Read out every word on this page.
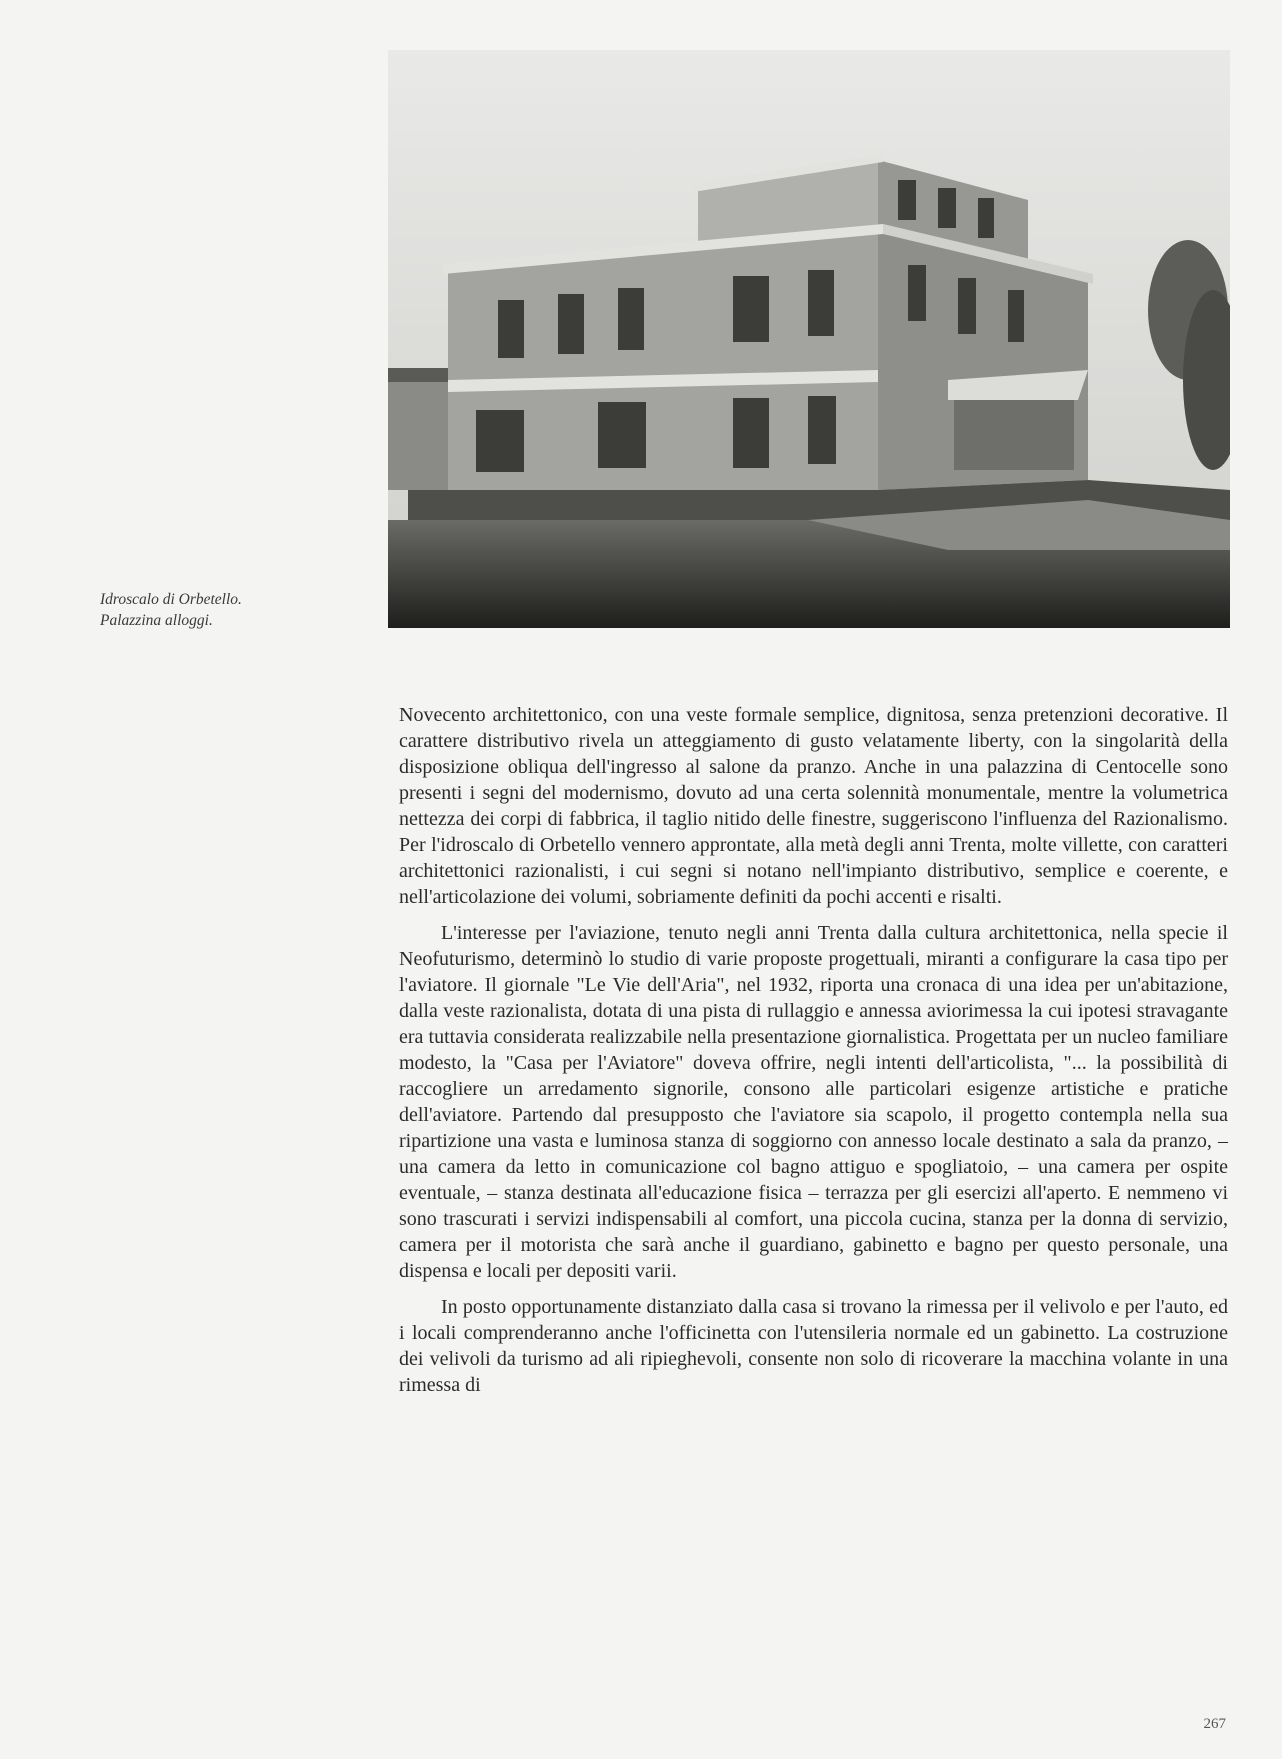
Idroscalo di Orbetello.
Palazzina alloggi.

Novecento architettonico, con una veste formale semplice, dignitosa, senza pretenzioni decorative. Il carattere distributivo rivela un atteggiamento di gusto velatamente liberty, con la singolarità della disposizione obliqua dell'ingresso al salone da pranzo. Anche in una palazzina di Centocelle sono presenti i segni del modernismo, dovuto ad una certa solennità monumentale, mentre la volumetrica nettezza dei corpi di fabbrica, il taglio nitido delle finestre, suggeriscono l'influenza del Razionalismo. Per l'idroscalo di Orbetello vennero approntate, alla metà degli anni Trenta, molte villette, con caratteri architettonici razionalisti, i cui segni si notano nell'impianto distributivo, semplice e coerente, e nell'articolazione dei volumi, sobriamente definiti da pochi accenti e risalti.

L'interesse per l'aviazione, tenuto negli anni Trenta dalla cultura architettonica, nella specie il Neofuturismo, determinò lo studio di varie proposte progettuali, miranti a configurare la casa tipo per l'aviatore. Il giornale "Le Vie dell'Aria", nel 1932, riporta una cronaca di una idea per un'abitazione, dalla veste razionalista, dotata di una pista di rullaggio e annessa aviorimessa la cui ipotesi stravagante era tuttavia considerata realizzabile nella presentazione giornalistica. Progettata per un nucleo familiare modesto, la "Casa per l'Aviatore" doveva offrire, negli intenti dell'articolista, "... la possibilità di raccogliere un arredamento signorile, consono alle particolari esigenze artistiche e pratiche dell'aviatore. Partendo dal presupposto che l'aviatore sia scapolo, il progetto contempla nella sua ripartizione una vasta e luminosa stanza di soggiorno con annesso locale destinato a sala da pranzo, – una camera da letto in comunicazione col bagno attiguo e spogliatoio, – una camera per ospite eventuale, – stanza destinata all'educazione fisica – terrazza per gli esercizi all'aperto. E nemmeno vi sono trascurati i servizi indispensabili al comfort, una piccola cucina, stanza per la donna di servizio, camera per il motorista che sarà anche il guardiano, gabinetto e bagno per questo personale, una dispensa e locali per depositi varii.

In posto opportunamente distanziato dalla casa si trovano la rimessa per il velivolo e per l'auto, ed i locali comprenderanno anche l'officinetta con l'utensileria normale ed un gabinetto. La costruzione dei velivoli da turismo ad ali ripieghevoli, consente non solo di ricoverare la macchina volante in una rimessa di

267
